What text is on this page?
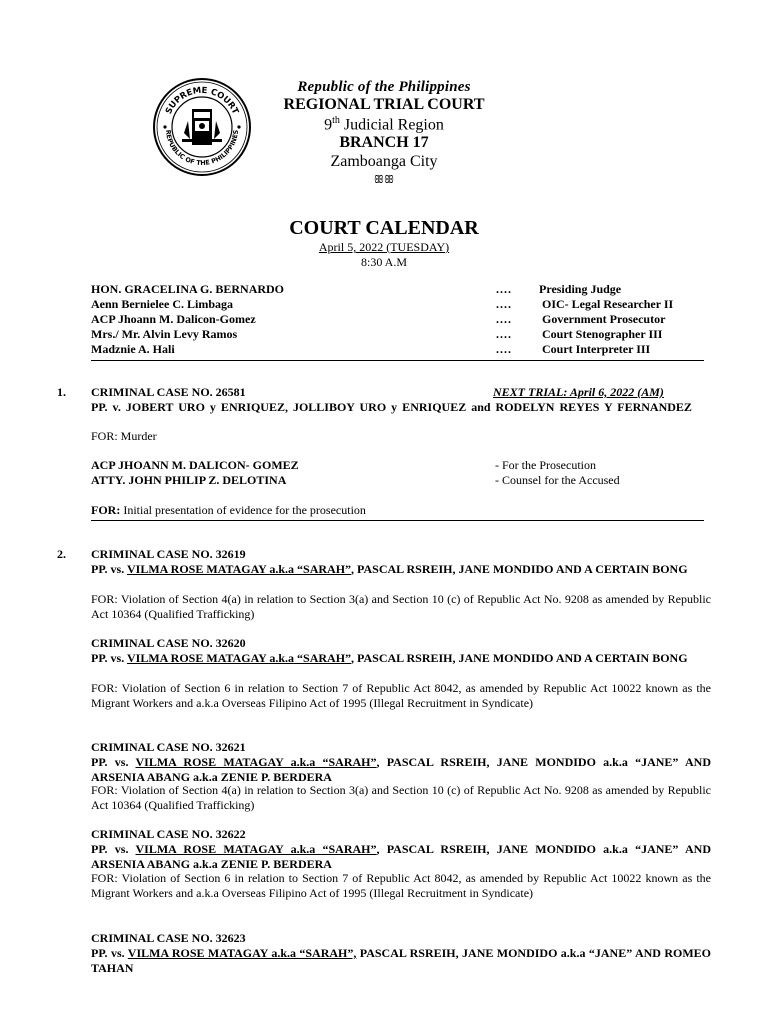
SUPREME COURT
REPUBLIC OF THE PHILIPPINES
Republic of the Philippines
REGIONAL TRIAL COURT
9th Judicial Region
BRANCH 17
Zamboanga City
ꕥꕥ
COURT CALENDAR
April 5, 2022 (TUESDAY)
8:30 A.M
HON. GRACELINA G. BERNARDO	.... Presiding Judge
Aenn Bernielee C. Limbaga	....	OIC- Legal Researcher II
ACP Jhoann M. Dalicon-Gomez	....	Government Prosecutor
Mrs./ Mr. Alvin Levy Ramos	....	Court Stenographer III
Madznie A. Hali	....	Court Interpreter III
1. CRIMINAL CASE NO. 26581	NEXT TRIAL: April 6, 2022 (AM)
PP. v. JOBERT URO y ENRIQUEZ, JOLLIBOY URO y ENRIQUEZ and RODELYN REYES Y FERNANDEZ
FOR: Murder
ACP JHOANN M. DALICON- GOMEZ	- For the Prosecution
ATTY. JOHN PHILIP Z. DELOTINA	- Counsel for the Accused
FOR: Initial presentation of evidence for the prosecution
2. CRIMINAL CASE NO. 32619
PP. vs. VILMA ROSE MATAGAY a.k.a “SARAH”, PASCAL RSREIH, JANE MONDIDO AND A CERTAIN BONG
FOR: Violation of Section 4(a) in relation to Section 3(a) and Section 10 (c) of Republic Act No. 9208 as amended by Republic Act 10364 (Qualified Trafficking)
CRIMINAL CASE NO. 32620
PP. vs. VILMA ROSE MATAGAY a.k.a “SARAH”, PASCAL RSREIH, JANE MONDIDO AND A CERTAIN BONG
FOR: Violation of Section 6 in relation to Section 7 of Republic Act 8042, as amended by Republic Act 10022 known as the Migrant Workers and a.k.a Overseas Filipino Act of 1995 (Illegal Recruitment in Syndicate)
CRIMINAL CASE NO. 32621
PP. vs. VILMA ROSE MATAGAY a.k.a “SARAH”, PASCAL RSREIH, JANE MONDIDO a.k.a “JANE” AND ARSENIA ABANG a.k.a ZENIE P. BERDERA
FOR: Violation of Section 4(a) in relation to Section 3(a) and Section 10 (c) of Republic Act No. 9208 as amended by Republic Act 10364 (Qualified Trafficking)
CRIMINAL CASE NO. 32622
PP. vs. VILMA ROSE MATAGAY a.k.a “SARAH”, PASCAL RSREIH, JANE MONDIDO a.k.a “JANE” AND ARSENIA ABANG a.k.a ZENIE P. BERDERA
FOR: Violation of Section 6 in relation to Section 7 of Republic Act 8042, as amended by Republic Act 10022 known as the Migrant Workers and a.k.a Overseas Filipino Act of 1995 (Illegal Recruitment in Syndicate)
CRIMINAL CASE NO. 32623
PP. vs. VILMA ROSE MATAGAY a.k.a “SARAH”, PASCAL RSREIH, JANE MONDIDO a.k.a “JANE” AND ROMEO TAHAN
